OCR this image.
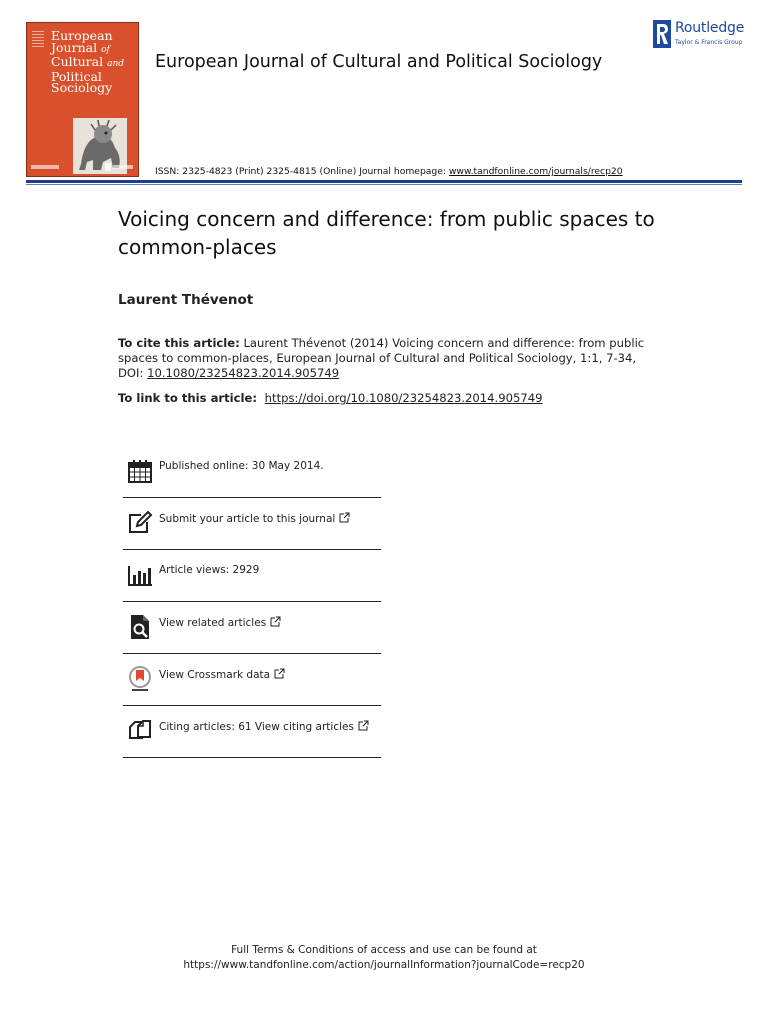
European
Journal of
Cultural and
Political
Sociology
European Journal of Cultural and Political Sociology
Routledge
Taylor & Francis Group
ISSN: 2325-4823 (Print) 2325-4815 (Online) Journal homepage: www.tandfonline.com/journals/recp20
Voicing concern and difference: from public spaces to common-places
Laurent Thévenot
To cite this article: Laurent Thévenot (2014) Voicing concern and difference: from public spaces to common-places, European Journal of Cultural and Political Sociology, 1:1, 7-34, DOI: 10.1080/23254823.2014.905749
To link to this article: https://doi.org/10.1080/23254823.2014.905749
Published online: 30 May 2014.
Submit your article to this journal
Article views: 2929
View related articles
View Crossmark data
Citing articles: 61 View citing articles
Full Terms & Conditions of access and use can be found at
https://www.tandfonline.com/action/journalInformation?journalCode=recp20
